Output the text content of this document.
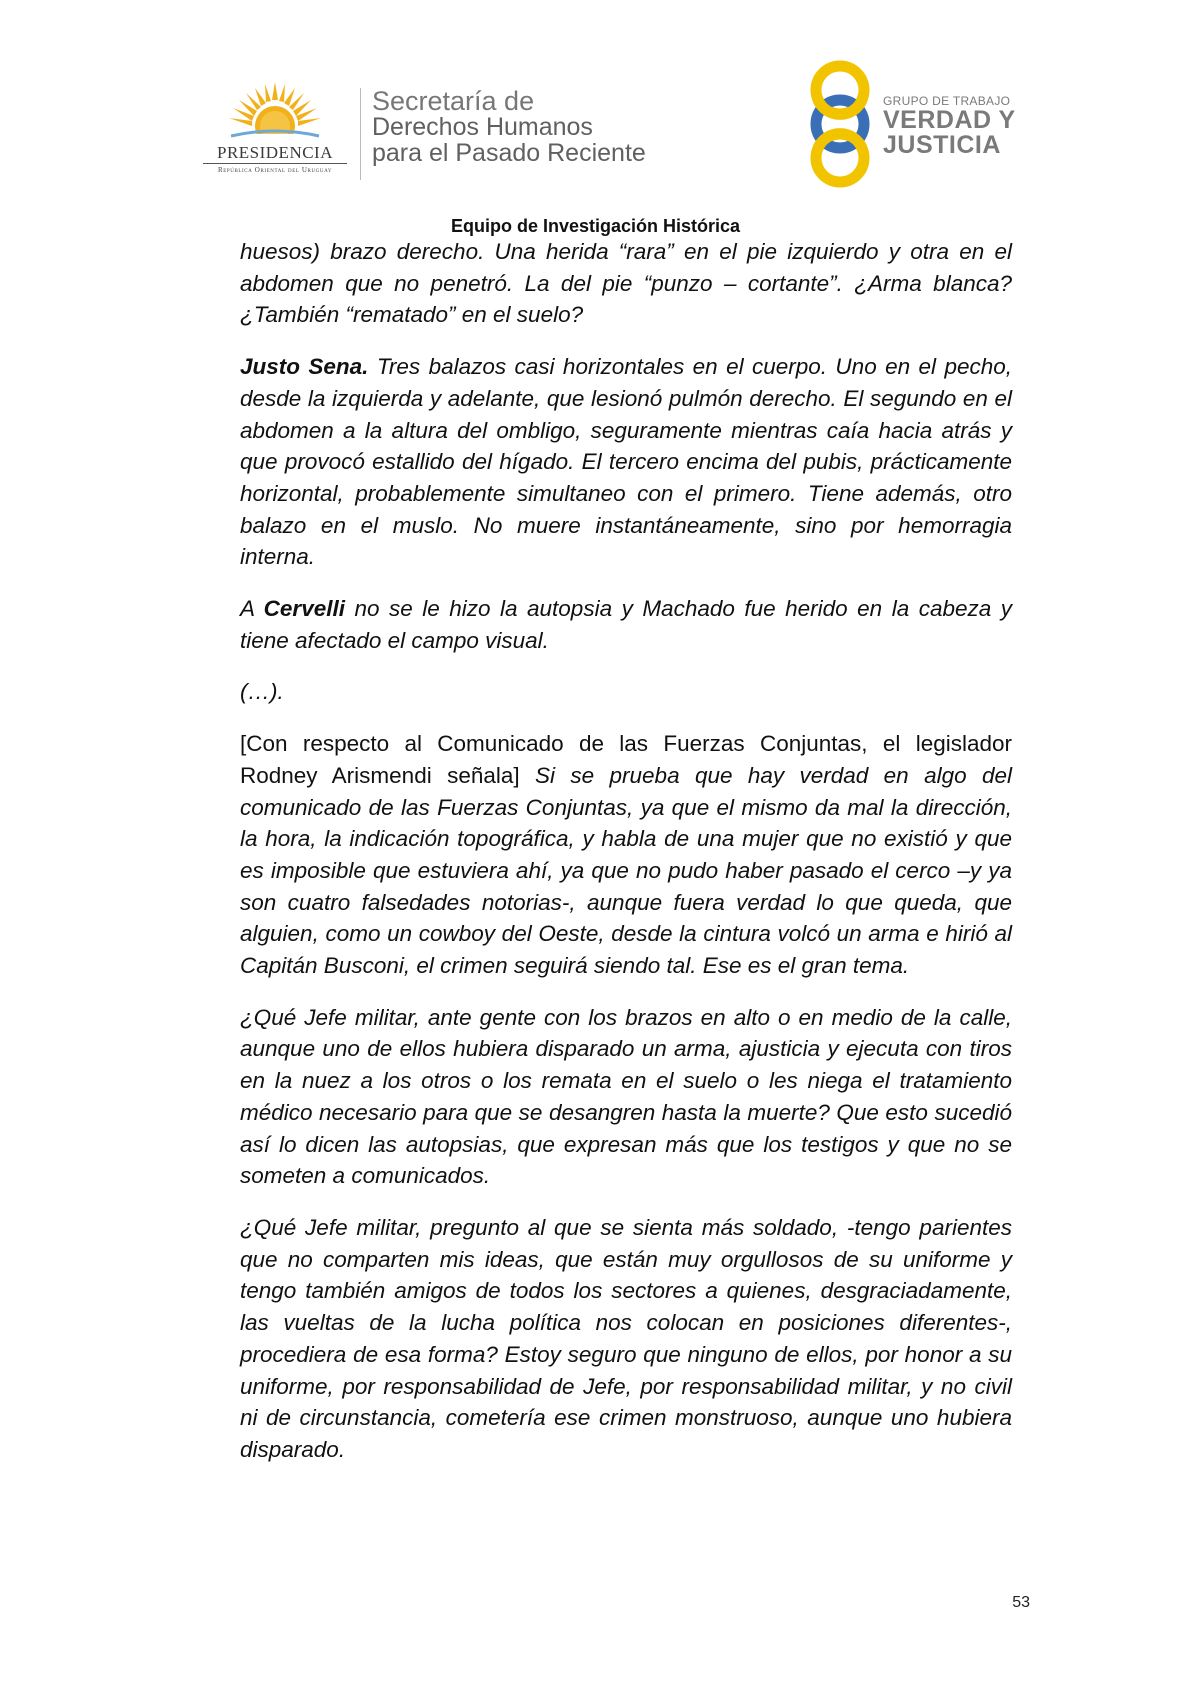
PRESIDENCIA
República Oriental del Uruguay
Secretaría de
Derechos Humanos
para el Pasado Reciente
GRUPO DE TRABAJO
VERDAD Y
JUSTICIA
Equipo de Investigación Histórica

huesos) brazo derecho. Una herida “rara” en el pie izquierdo y otra en el abdomen que no penetró. La del pie “punzo – cortante”. ¿Arma blanca? ¿También “rematado” en el suelo?

Justo Sena. Tres balazos casi horizontales en el cuerpo. Uno en el pecho, desde la izquierda y adelante, que lesionó pulmón derecho. El segundo en el abdomen a la altura del ombligo, seguramente mientras caía hacia atrás y que provocó estallido del hígado. El tercero encima del pubis, prácticamente horizontal, probablemente simultaneo con el primero. Tiene además, otro balazo en el muslo. No muere instantáneamente, sino por hemorragia interna.

A Cervelli no se le hizo la autopsia y Machado fue herido en la cabeza y tiene afectado el campo visual.

(…).

[Con respecto al Comunicado de las Fuerzas Conjuntas, el legislador Rodney Arismendi señala] Si se prueba que hay verdad en algo del comunicado de las Fuerzas Conjuntas, ya que el mismo da mal la dirección, la hora, la indicación topográfica, y habla de una mujer que no existió y que es imposible que estuviera ahí, ya que no pudo haber pasado el cerco –y ya son cuatro falsedades notorias-, aunque fuera verdad lo que queda, que alguien, como un cowboy del Oeste, desde la cintura volcó un arma e hirió al Capitán Busconi, el crimen seguirá siendo tal. Ese es el gran tema.

¿Qué Jefe militar, ante gente con los brazos en alto o en medio de la calle, aunque uno de ellos hubiera disparado un arma, ajusticia y ejecuta con tiros en la nuez a los otros o los remata en el suelo o les niega el tratamiento médico necesario para que se desangren hasta la muerte? Que esto sucedió así lo dicen las autopsias, que expresan más que los testigos y que no se someten a comunicados.

¿Qué Jefe militar, pregunto al que se sienta más soldado, -tengo parientes que no comparten mis ideas, que están muy orgullosos de su uniforme y tengo también amigos de todos los sectores a quienes, desgraciadamente, las vueltas de la lucha política nos colocan en posiciones diferentes-, procediera de esa forma? Estoy seguro que ninguno de ellos, por honor a su uniforme, por responsabilidad de Jefe, por responsabilidad militar, y no civil ni de circunstancia, cometería ese crimen monstruoso, aunque uno hubiera disparado.

53
